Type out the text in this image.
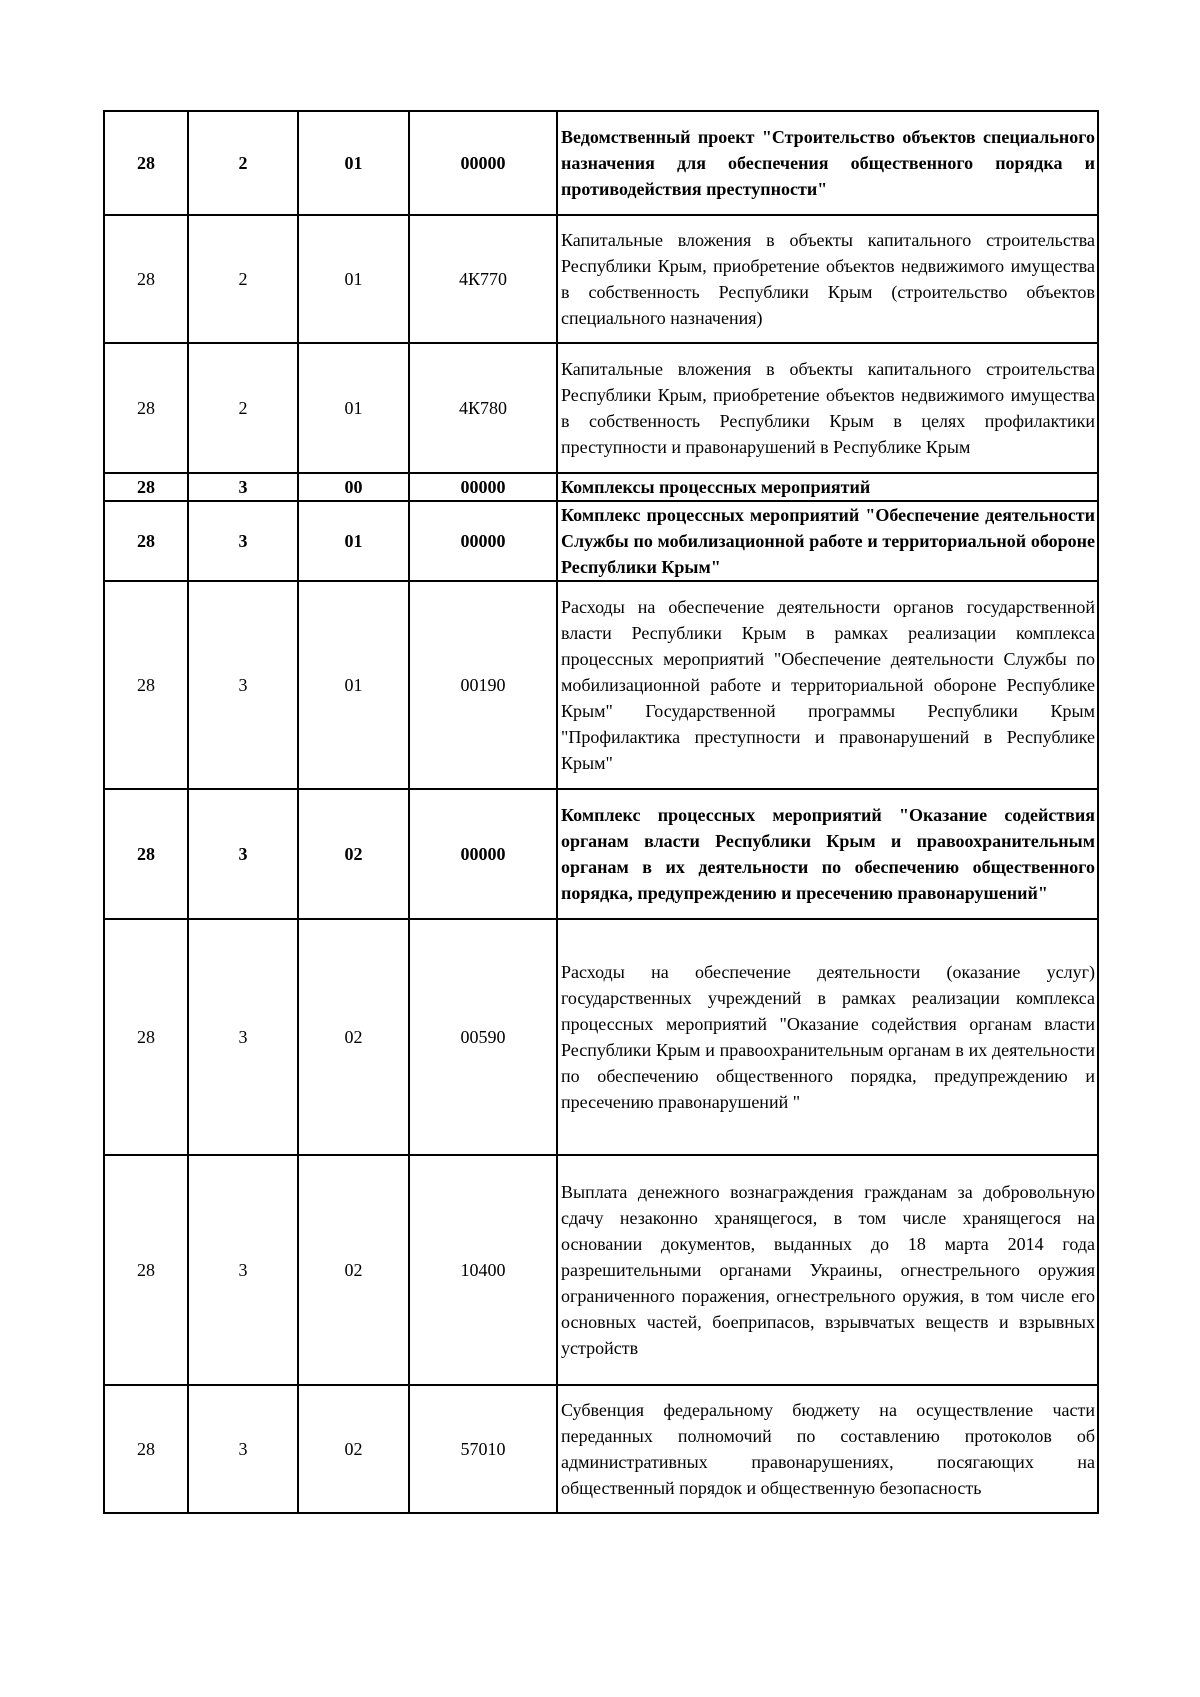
28	2	01	00000	Ведомственный проект "Строительство объектов специального назначения для обеспечения общественного порядка и противодействия преступности"

28	2	01	4К770	Капитальные вложения в объекты капитального строительства Республики Крым, приобретение объектов недвижимого имущества в собственность Республики Крым (строительство объектов специального назначения)

28	2	01	4К780	Капитальные вложения в объекты капитального строительства Республики Крым, приобретение объектов недвижимого имущества в собственность Республики Крым в целях профилактики преступности и правонарушений в Республике Крым

28	3	00	00000	Комплексы процессных мероприятий

28	3	01	00000	Комплекс процессных мероприятий "Обеспечение деятельности Службы по мобилизационной работе и территориальной обороне Республики Крым"

28	3	01	00190	Расходы на обеспечение деятельности органов государственной власти Республики Крым в рамках реализации комплекса процессных мероприятий "Обеспечение деятельности Службы по мобилизационной работе и территориальной обороне Республике Крым" Государственной программы Республики Крым "Профилактика преступности и правонарушений в Республике Крым"

28	3	02	00000	Комплекс процессных мероприятий "Оказание содействия органам власти Республики Крым и правоохранительным органам в их деятельности по обеспечению общественного порядка, предупреждению и пресечению правонарушений"

28	3	02	00590	Расходы на обеспечение деятельности (оказание услуг) государственных учреждений в рамках реализации комплекса процессных мероприятий "Оказание содействия органам власти Республики Крым и правоохранительным органам в их деятельности по обеспечению общественного порядка, предупреждению и пресечению правонарушений "

28	3	02	10400	Выплата денежного вознаграждения гражданам за добровольную сдачу незаконно хранящегося, в том числе хранящегося на основании документов, выданных до 18 марта 2014 года разрешительными органами Украины, огнестрельного оружия ограниченного поражения, огнестрельного оружия, в том числе его основных частей, боеприпасов, взрывчатых веществ и взрывных устройств

28	3	02	57010	Субвенция федеральному бюджету на осуществление части переданных полномочий по составлению протоколов об административных правонарушениях, посягающих на общественный порядок и общественную безопасность
